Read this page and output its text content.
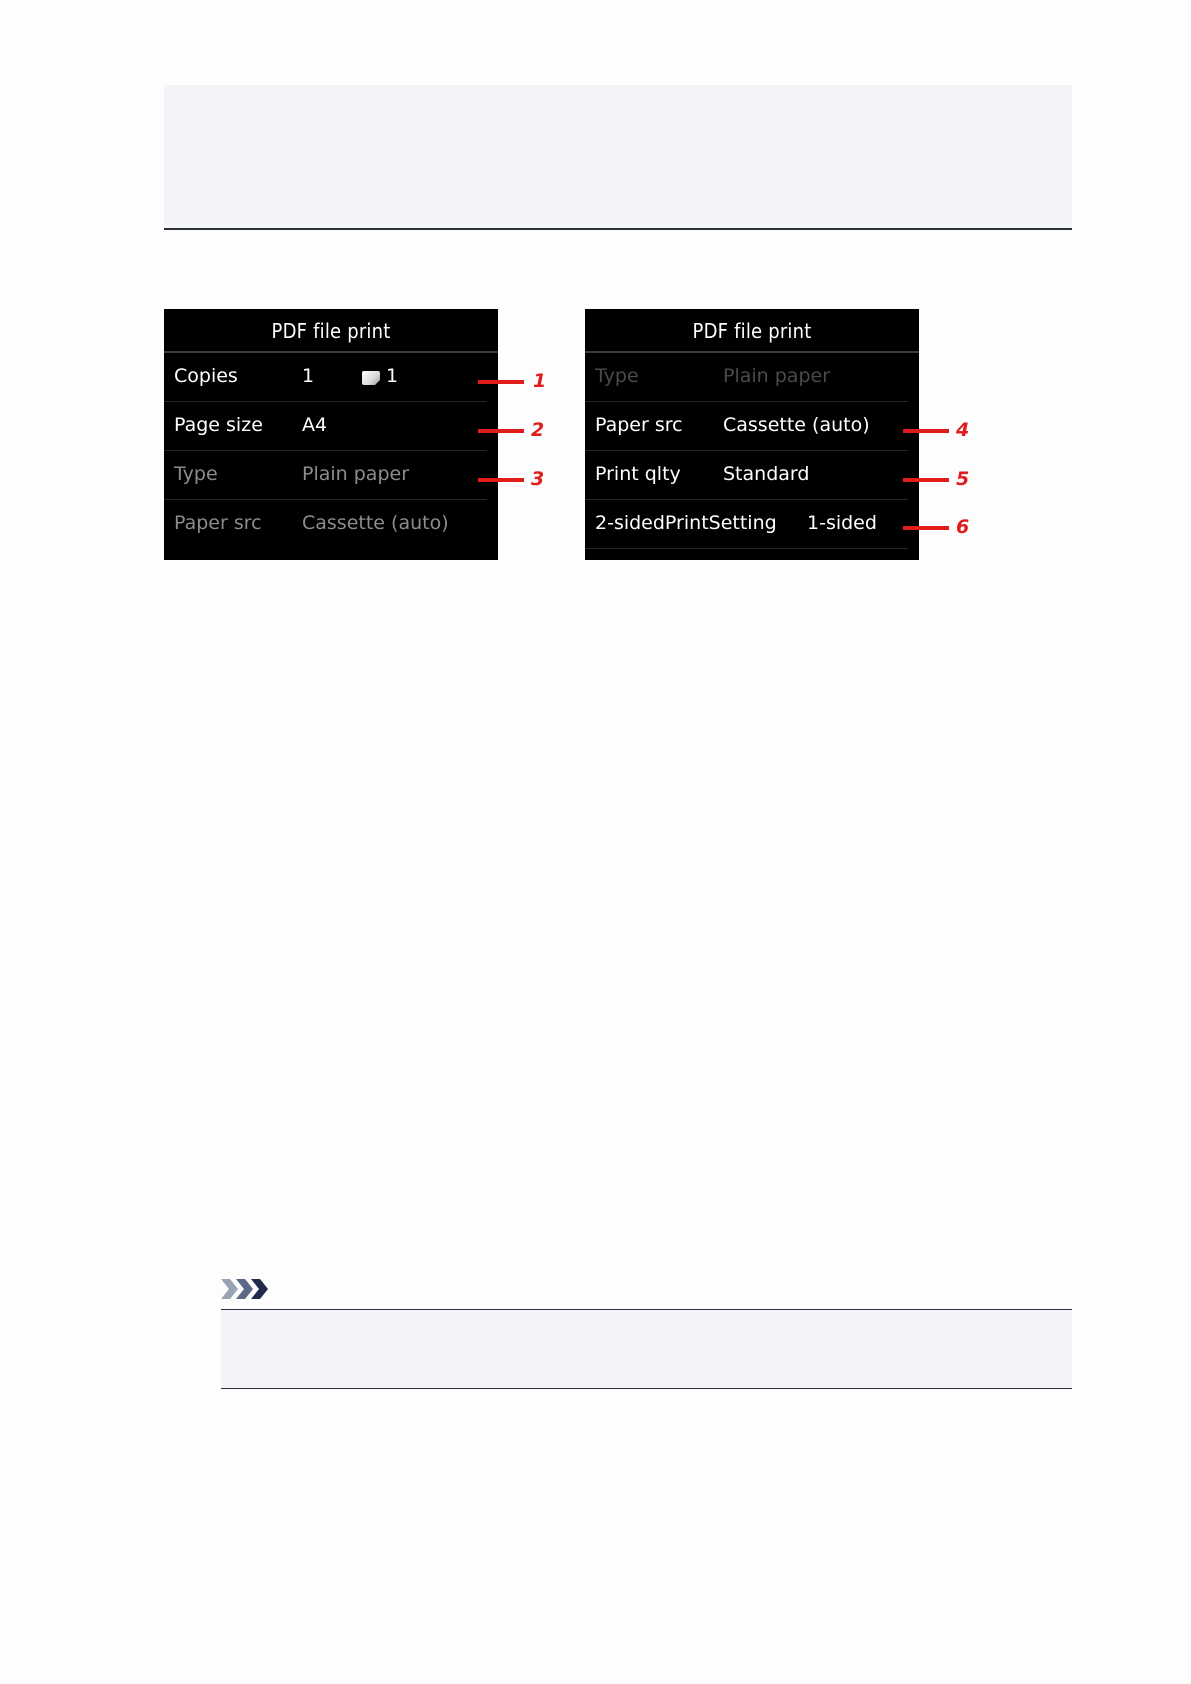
PDF file print
Copies	1	1
Page size A4
Type	Plain paper
Paper src Cassette (auto)
PDF file print
Type	Plain paper
Paper src Cassette (auto)
Print qlty Standard
2-sidedPrintSetting 1-sided
1
2
3
4
5
6
